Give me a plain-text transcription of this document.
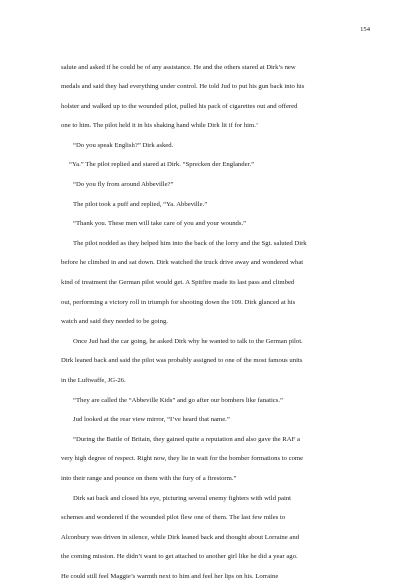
154
salute and asked if he could be of any assistance. He and the others stared at Dirk’s new
medals and said they had everything under control. He told Jud to put his gun back into his
holster and walked up to the wounded pilot, pulled his pack of cigarettes out and offered
one to him. The pilot held it in his shaking hand while Dirk lit if for him.’
“Do you speak English?” Dirk asked.
“Ya.” The pilot replied and stared at Dirk. “Sprecken der Englander.”
“Do you fly from around Abbeville?”
The pilot took a puff and replied, “Ya. Abbeville.”
“Thank you. These men will take care of you and your wounds.”
The pilot nodded as they helped him into the back of the lorry and the Sgt. saluted Dirk
before he climbed in and sat down. Dirk watched the truck drive away and wondered what
kind of treatment the German pilot would get. A Spitfire made its last pass and climbed
out, performing a victory roll in triumph for shooting down the 109. Dirk glanced at his
watch and said they needed to be going.
Once Jud had the car going, he asked Dirk why he wanted to talk to the German pilot.
Dirk leaned back and said the pilot was probably assigned to one of the most famous units
in the Luftwaffe, JG-26.
“They are called the “Abbeville Kids” and go after our bombers like fanatics.”
Jud looked at the rear view mirror, “I’ve heard that name.”
“During the Battle of Britain, they gained quite a reputation and also gave the RAF a
very high degree of respect. Right now, they lie in wait for the bomber formations to come
into their range and pounce on them with the fury of a firestorm.”
Dirk sat back and closed his eye, picturing several enemy fighters with wild paint
schemes and wondered if the wounded pilot flew one of them. The last few miles to
Alconbury was driven in silence, while Dirk leaned back and thought about Lorraine and
the coming mission. He didn’t want to get attached to another girl like he did a year ago.
He could still feel Maggie’s warmth next to him and feel her lips on his. Lorraine
